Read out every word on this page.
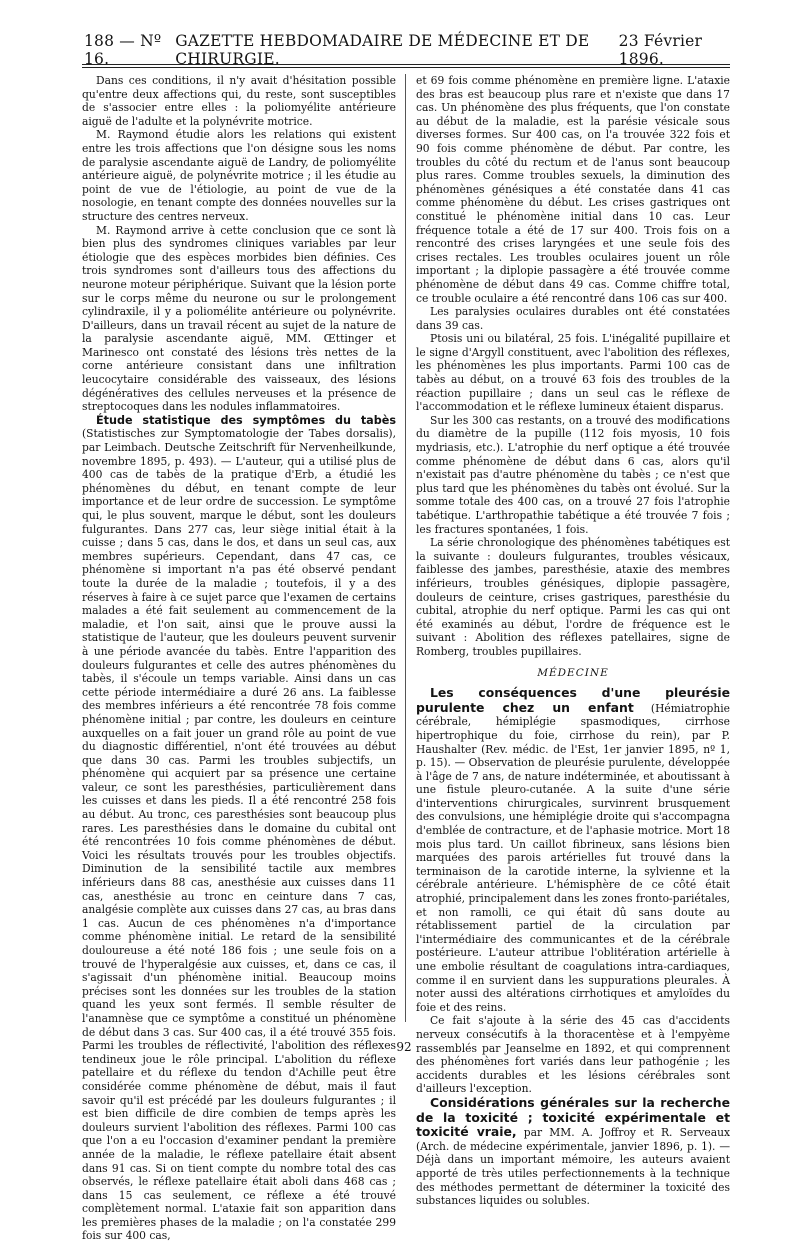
188 — Nº 16.
GAZETTE HEBDOMADAIRE DE MÉDECINE ET DE CHIRURGIE.
23 Février 1896.

Dans ces conditions, il n'y avait d'hésitation possible qu'entre deux affections qui, du reste, sont susceptibles de s'associer entre elles : la poliomyélite antérieure aiguë de l'adulte et la polynévrite motrice.

M. Raymond étudie alors les relations qui existent entre les trois affections que l'on désigne sous les noms de paralysie ascendante aiguë de Landry, de poliomyélite antérieure aiguë, de polynévrite motrice ; il les étudie au point de vue de l'étiologie, au point de vue de la nosologie, en tenant compte des données nouvelles sur la structure des centres nerveux.

M. Raymond arrive à cette conclusion que ce sont là bien plus des syndromes cliniques variables par leur étiologie que des espèces morbides bien définies. Ces trois syndromes sont d'ailleurs tous des affections du neurone moteur périphérique. Suivant que la lésion porte sur le corps même du neurone ou sur le prolongement cylindraxile, il y a poliomélite antérieure ou polynévrite. D'ailleurs, dans un travail récent au sujet de la nature de la paralysie ascendante aiguë, MM. Œttinger et Marinesco ont constaté des lésions très nettes de la corne antérieure consistant dans une infiltration leucocytaire considérable des vaisseaux, des lésions dégénératives des cellules nerveuses et la présence de streptocoques dans les nodules inflammatoires.

Étude statistique des symptômes du tabès (Statistisches zur Symptomatologie der Tabes dorsalis), par Leimbach. Deutsche Zeitschrift für Nervenheilkunde, novembre 1895, p. 493). — L'auteur, qui a utilisé plus de 400 cas de tabès de la pratique d'Erb, a étudié les phénomènes du début, en tenant compte de leur importance et de leur ordre de succession. Le symptôme qui, le plus souvent, marque le début, sont les douleurs fulgurantes. Dans 277 cas, leur siège initial était à la cuisse ; dans 5 cas, dans le dos, et dans un seul cas, aux membres supérieurs. Cependant, dans 47 cas, ce phénomène si important n'a pas été observé pendant toute la durée de la maladie ; toutefois, il y a des réserves à faire à ce sujet parce que l'examen de certains malades a été fait seulement au commencement de la maladie, et l'on sait, ainsi que le prouve aussi la statistique de l'auteur, que les douleurs peuvent survenir à une période avancée du tabès. Entre l'apparition des douleurs fulgurantes et celle des autres phénomènes du tabès, il s'écoule un temps variable. Ainsi dans un cas cette période intermédiaire a duré 26 ans. La faiblesse des membres inférieurs a été rencontrée 78 fois comme phénomène initial ; par contre, les douleurs en ceinture auxquelles on a fait jouer un grand rôle au point de vue du diagnostic différentiel, n'ont été trouvées au début que dans 30 cas. Parmi les troubles subjectifs, un phénomène qui acquiert par sa présence une certaine valeur, ce sont les paresthésies, particulièrement dans les cuisses et dans les pieds. Il a été rencontré 258 fois au début. Au tronc, ces paresthésies sont beaucoup plus rares. Les paresthésies dans le domaine du cubital ont été rencontrées 10 fois comme phénomènes de début. Voici les résultats trouvés pour les troubles objectifs. Diminution de la sensibilité tactile aux membres inférieurs dans 88 cas, anesthésie aux cuisses dans 11 cas, anesthésie au tronc en ceinture dans 7 cas, analgésie complète aux cuisses dans 27 cas, au bras dans 1 cas. Aucun de ces phénomènes n'a d'importance comme phénomène initial. Le retard de la sensibilité douloureuse a été noté 186 fois ; une seule fois on a trouvé de l'hyperalgésie aux cuisses, et, dans ce cas, il s'agissait d'un phénomène initial. Beaucoup moins précises sont les données sur les troubles de la station quand les yeux sont fermés. Il semble résulter de l'anamnèse que ce symptôme a constitué un phénomène de début dans 3 cas. Sur 400 cas, il a été trouvé 355 fois. Parmi les troubles de réflectivité, l'abolition des réflexes tendineux joue le rôle principal. L'abolition du réflexe patellaire et du réflexe du tendon d'Achille peut être considérée comme phénomène de début, mais il faut savoir qu'il est précédé par les douleurs fulgurantes ; il est bien difficile de dire combien de temps après les douleurs survient l'abolition des réflexes. Parmi 100 cas que l'on a eu l'occasion d'examiner pendant la première année de la maladie, le réflexe patellaire était absent dans 91 cas. Si on tient compte du nombre total des cas observés, le réflexe patellaire était aboli dans 468 cas ; dans 15 cas seulement, ce réflexe a été trouvé complètement normal. L'ataxie fait son apparition dans les premières phases de la maladie ; on l'a constatée 299 fois sur 400 cas,

et 69 fois comme phénomène en première ligne. L'ataxie des bras est beaucoup plus rare et n'existe que dans 17 cas. Un phénomène des plus fréquents, que l'on constate au début de la maladie, est la parésie vésicale sous diverses formes. Sur 400 cas, on l'a trouvée 322 fois et 90 fois comme phénomène de début. Par contre, les troubles du côté du rectum et de l'anus sont beaucoup plus rares. Comme troubles sexuels, la diminution des phénomènes génésiques a été constatée dans 41 cas comme phénomène du début. Les crises gastriques ont constitué le phénomène initial dans 10 cas. Leur fréquence totale a été de 17 sur 400. Trois fois on a rencontré des crises laryngées et une seule fois des crises rectales. Les troubles oculaires jouent un rôle important ; la diplopie passagère a été trouvée comme phénomène de début dans 49 cas. Comme chiffre total, ce trouble oculaire a été rencontré dans 106 cas sur 400.

Les paralysies oculaires durables ont été constatées dans 39 cas.

Ptosis uni ou bilatéral, 25 fois. L'inégalité pupillaire et le signe d'Argyll constituent, avec l'abolition des réflexes, les phénomènes les plus importants. Parmi 100 cas de tabès au début, on a trouvé 63 fois des troubles de la réaction pupillaire ; dans un seul cas le réflexe de l'accommodation et le réflexe lumineux étaient disparus.

Sur les 300 cas restants, on a trouvé des modifications du diamètre de la pupille (112 fois myosis, 10 fois mydriasis, etc.). L'atrophie du nerf optique a été trouvée comme phénomène de début dans 6 cas, alors qu'il n'existait pas d'autre phénomène du tabès ; ce n'est que plus tard que les phénomènes du tabès ont évolué. Sur la somme totale des 400 cas, on a trouvé 27 fois l'atrophie tabétique. L'arthropathie tabétique a été trouvée 7 fois ; les fractures spontanées, 1 fois.

La série chronologique des phénomènes tabétiques est la suivante : douleurs fulgurantes, troubles vésicaux, faiblesse des jambes, paresthésie, ataxie des membres inférieurs, troubles génésiques, diplopie passagère, douleurs de ceinture, crises gastriques, paresthésie du cubital, atrophie du nerf optique. Parmi les cas qui ont été examinés au début, l'ordre de fréquence est le suivant : Abolition des réflexes patellaires, signe de Romberg, troubles pupillaires.

MÉDECINE

Les conséquences d'une pleurésie purulente chez un enfant (Hémiatrophie cérébrale, hémiplégie spasmodiques, cirrhose hipertrophique du foie, cirrhose du rein), par P. Haushalter (Rev. médic. de l'Est, 1er janvier 1895, nº 1, p. 15). — Observation de pleurésie purulente, développée à l'âge de 7 ans, de nature indéterminée, et aboutissant à une fistule pleuro-cutanée. A la suite d'une série d'interventions chirurgicales, survinrent brusquement des convulsions, une hémiplégie droite qui s'accompagna d'emblée de contracture, et de l'aphasie motrice. Mort 18 mois plus tard. Un caillot fibrineux, sans lésions bien marquées des parois artérielles fut trouvé dans la terminaison de la carotide interne, la sylvienne et la cérébrale antérieure. L'hémisphère de ce côté était atrophié, principalement dans les zones fronto-pariétales, et non ramolli, ce qui était dû sans doute au rétablissement partiel de la circulation par l'intermédiaire des communicantes et de la cérébrale postérieure. L'auteur attribue l'oblitération artérielle à une embolie résultant de coagulations intra-cardiaques, comme il en survient dans les suppurations pleurales. À noter aussi des altérations cirrhotiques et amyloïdes du foie et des reins.

Ce fait s'ajoute à la série des 45 cas d'accidents nerveux consécutifs à la thoracentèse et à l'empyème rassemblés par Jeanselme en 1892, et qui comprennent des phénomènes fort variés dans leur pathogénie ; les accidents durables et les lésions cérébrales sont d'ailleurs l'exception.

Considérations générales sur la recherche de la toxicité ; toxicité expérimentale et toxicité vraie, par MM. A. Joffroy et R. Serveaux (Arch. de médecine expérimentale, janvier 1896, p. 1). — Déjà dans un important mémoire, les auteurs avaient apporté de très utiles perfectionnements à la technique des méthodes permettant de déterminer la toxicité des substances liquides ou solubles.

92
